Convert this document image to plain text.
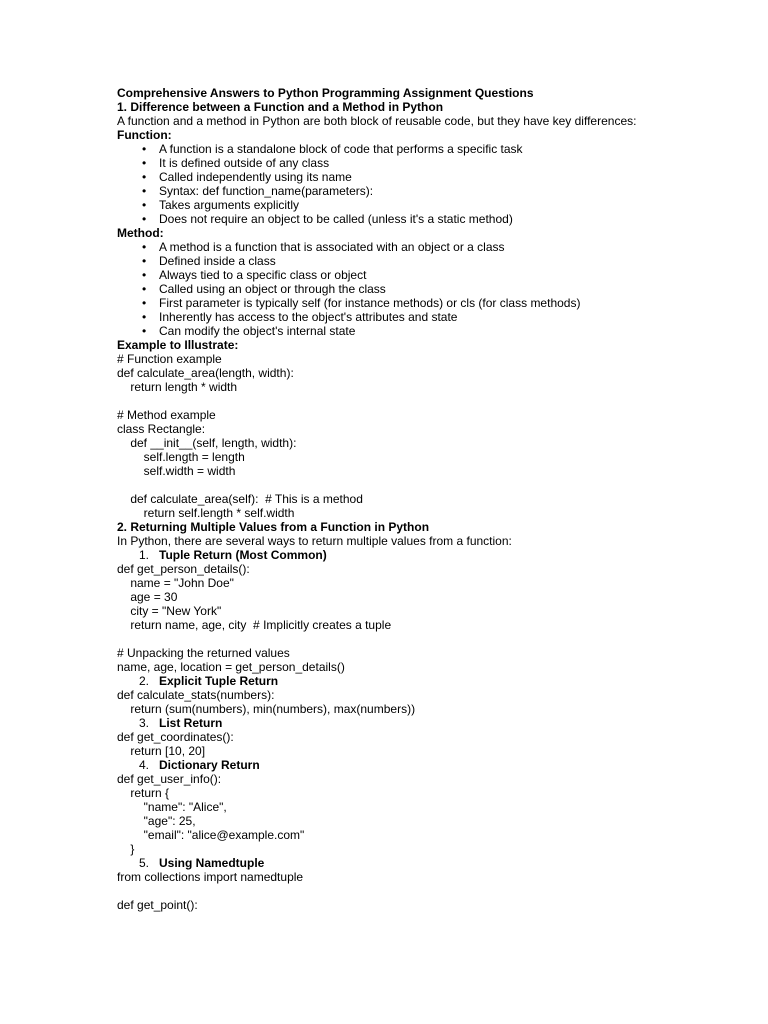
Comprehensive Answers to Python Programming Assignment Questions
1. Difference between a Function and a Method in Python
A function and a method in Python are both block of reusable code, but they have key differences:
Function:
• A function is a standalone block of code that performs a specific task
• It is defined outside of any class
• Called independently using its name
• Syntax: def function_name(parameters):
• Takes arguments explicitly
• Does not require an object to be called (unless it's a static method)
Method:
• A method is a function that is associated with an object or a class
• Defined inside a class
• Always tied to a specific class or object
• Called using an object or through the class
• First parameter is typically self (for instance methods) or cls (for class methods)
• Inherently has access to the object's attributes and state
• Can modify the object's internal state
Example to Illustrate:
# Function example
def calculate_area(length, width):
return length * width
# Method example
class Rectangle:
def __init__(self, length, width):
self.length = length
self.width = width
def calculate_area(self):  # This is a method
return self.length * self.width
2. Returning Multiple Values from a Function in Python
In Python, there are several ways to return multiple values from a function:
1. Tuple Return (Most Common)
def get_person_details():
name = "John Doe"
age = 30
city = "New York"
return name, age, city  # Implicitly creates a tuple
# Unpacking the returned values
name, age, location = get_person_details()
2. Explicit Tuple Return
def calculate_stats(numbers):
return (sum(numbers), min(numbers), max(numbers))
3. List Return
def get_coordinates():
return [10, 20]
4. Dictionary Return
def get_user_info():
return {
"name": "Alice",
"age": 25,
"email": "alice@example.com"
}
5. Using Namedtuple
from collections import namedtuple
def get_point():
